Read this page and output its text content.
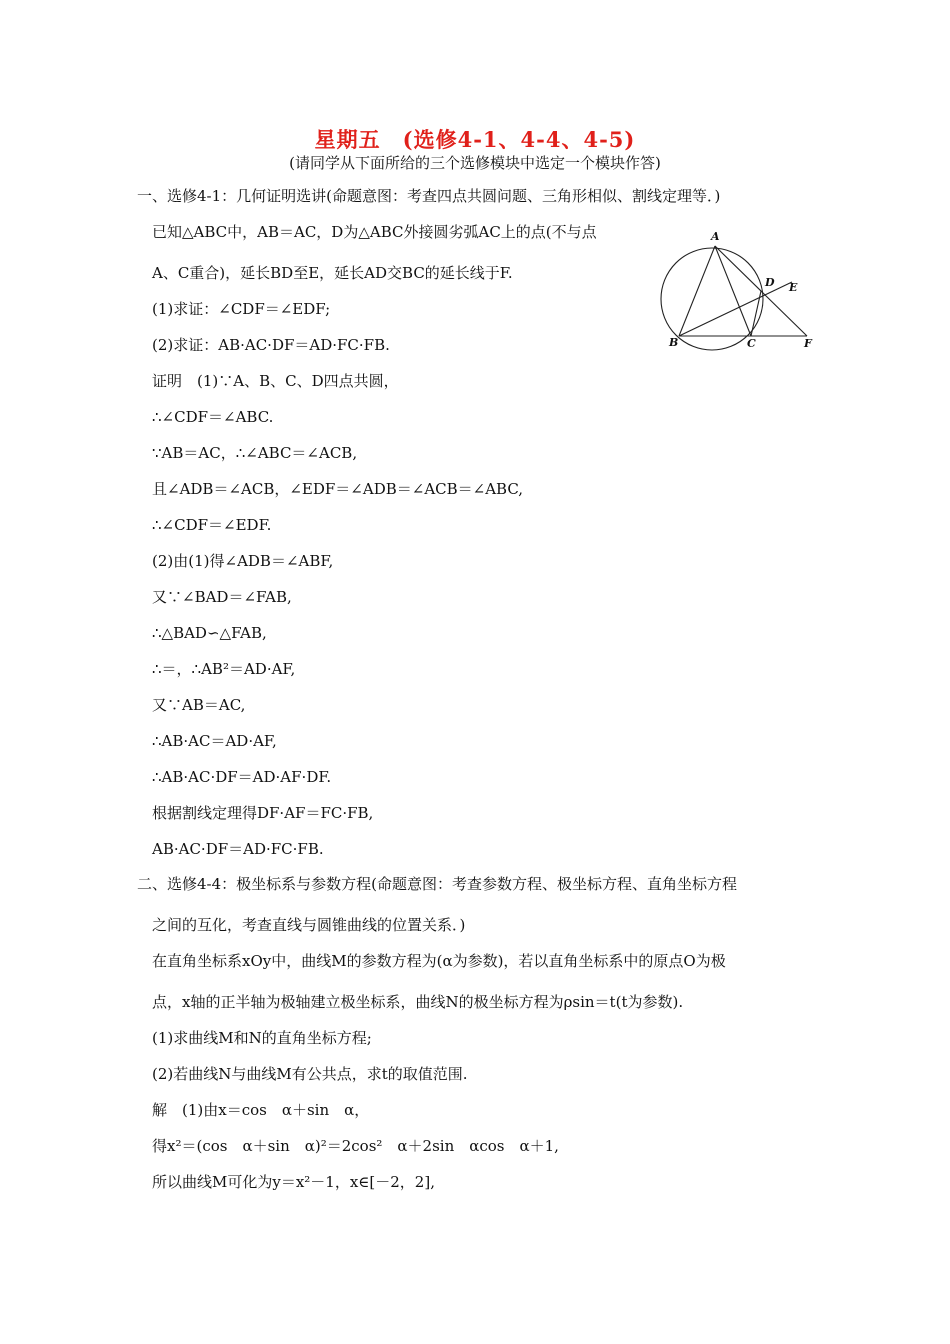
星期五　(选修4-1、4-4、4-5)
(请同学从下面所给的三个选修模块中选定一个模块作答)
一、选修4-1：几何证明选讲(命题意图：考查四点共圆问题、三角形相似、割线定理等．)
已知△ABC中，AB＝AC，D为△ABC外接圆劣弧AC上的点(不与点
A、C重合)，延长BD至E，延长AD交BC的延长线于F.
(1)求证：∠CDF＝∠EDF;
(2)求证：AB·AC·DF＝AD·FC·FB.
证明　(1)∵A、B、C、D四点共圆，
∴∠CDF＝∠ABC.
∵AB＝AC，∴∠ABC＝∠ACB,
且∠ADB＝∠ACB，∠EDF＝∠ADB＝∠ACB＝∠ABC,
∴∠CDF＝∠EDF.
(2)由(1)得∠ADB＝∠ABF,
又∵∠BAD＝∠FAB,
∴△BAD∽△FAB,
∴＝，∴AB²＝AD·AF,
又∵AB＝AC,
∴AB·AC＝AD·AF,
∴AB·AC·DF＝AD·AF·DF.
根据割线定理得DF·AF＝FC·FB,
AB·AC·DF＝AD·FC·FB.
二、选修4-4：极坐标系与参数方程(命题意图：考查参数方程、极坐标方程、直角坐标方程
之间的互化，考查直线与圆锥曲线的位置关系．)
在直角坐标系xOy中，曲线M的参数方程为(α为参数)，若以直角坐标系中的原点O为极
点，x轴的正半轴为极轴建立极坐标系，曲线N的极坐标方程为ρsin＝t(t为参数).
(1)求曲线M和N的直角坐标方程;
(2)若曲线N与曲线M有公共点，求t的取值范围.
解　(1)由x＝cos　α＋sin　α，
得x²＝(cos　α＋sin　α)²＝2cos²　α＋2sin　αcos　α＋1,
所以曲线M可化为y＝x²－1，x∈[－2，2],
A
B	C
D E
F
